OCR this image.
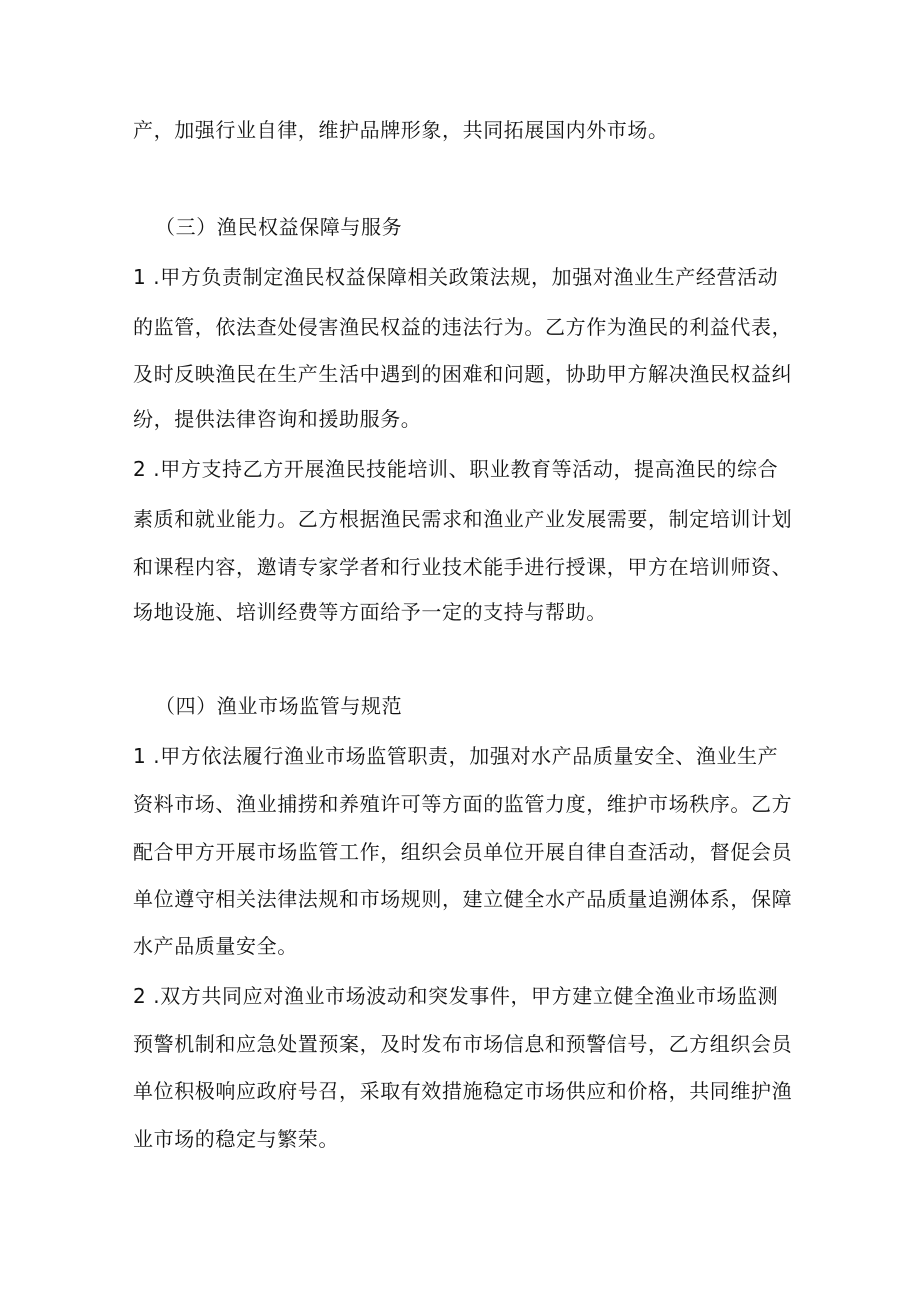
产，加强行业自律，维护品牌形象，共同拓展国内外市场。
（三）渔民权益保障与服务
1 .甲方负责制定渔民权益保障相关政策法规，加强对渔业生产经营活动
的监管，依法查处侵害渔民权益的违法行为。乙方作为渔民的利益代表，
及时反映渔民在生产生活中遇到的困难和问题，协助甲方解决渔民权益纠
纷，提供法律咨询和援助服务。
2 .甲方支持乙方开展渔民技能培训、职业教育等活动，提高渔民的综合
素质和就业能力。乙方根据渔民需求和渔业产业发展需要，制定培训计划
和课程内容，邀请专家学者和行业技术能手进行授课，甲方在培训师资、
场地设施、培训经费等方面给予一定的支持与帮助。
（四）渔业市场监管与规范
1 .甲方依法履行渔业市场监管职责，加强对水产品质量安全、渔业生产
资料市场、渔业捕捞和养殖许可等方面的监管力度，维护市场秩序。乙方
配合甲方开展市场监管工作，组织会员单位开展自律自查活动，督促会员
单位遵守相关法律法规和市场规则，建立健全水产品质量追溯体系，保障
水产品质量安全。
2 .双方共同应对渔业市场波动和突发事件，甲方建立健全渔业市场监测
预警机制和应急处置预案，及时发布市场信息和预警信号，乙方组织会员
单位积极响应政府号召，采取有效措施稳定市场供应和价格，共同维护渔
业市场的稳定与繁荣。
